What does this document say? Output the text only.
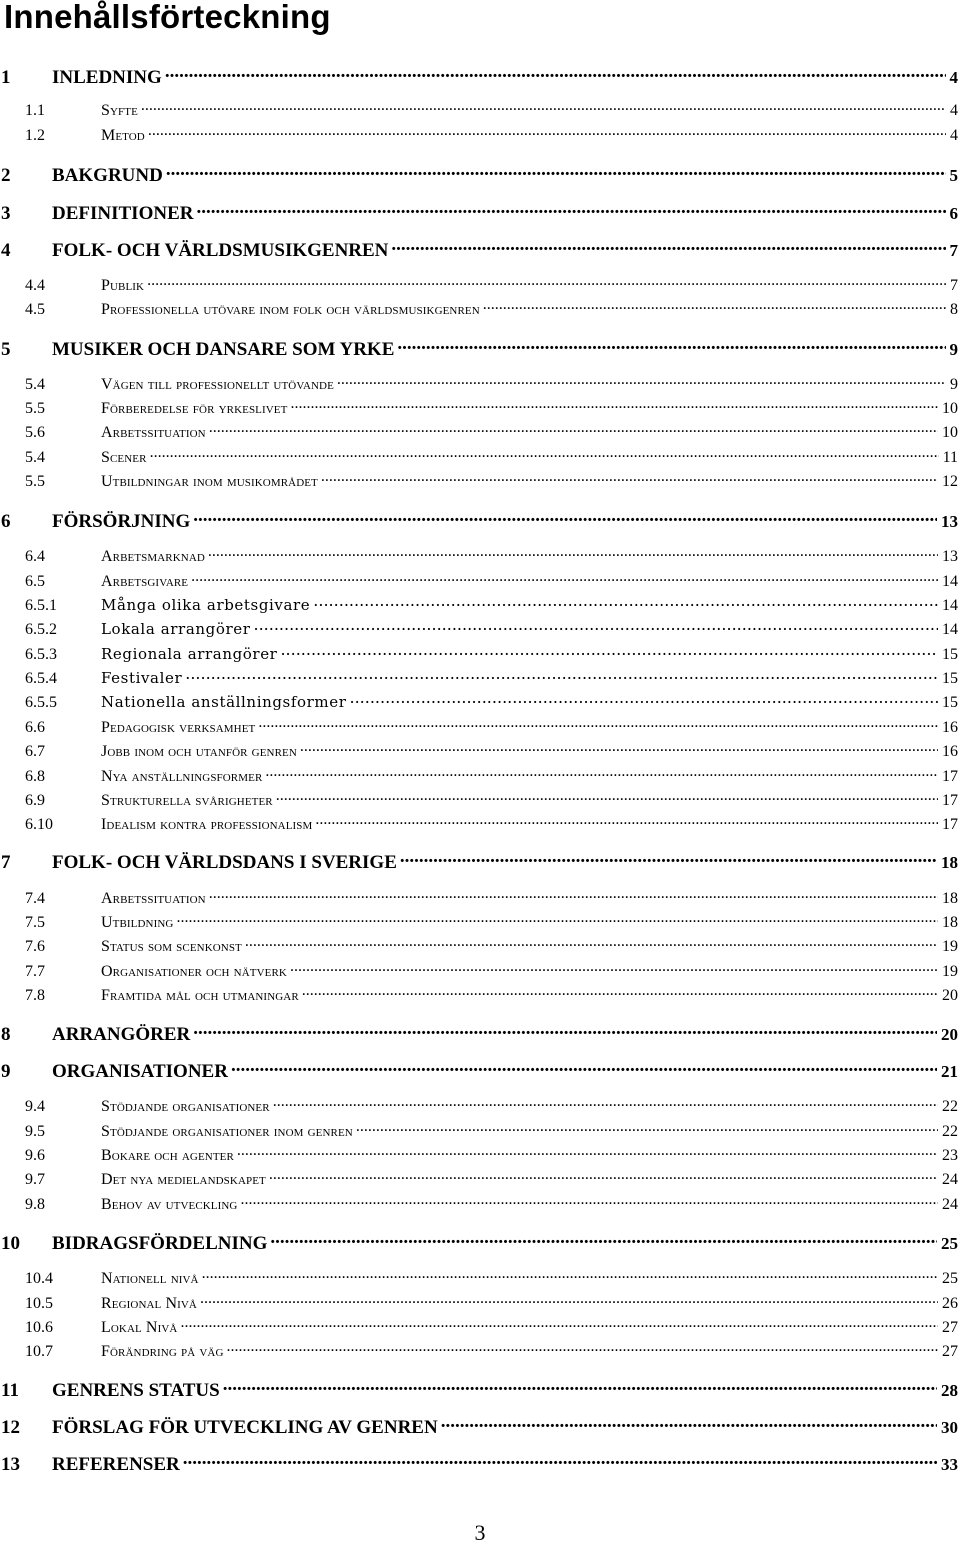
Innehållsförteckning
1	INLEDNING .....	4
1.1	Syfte .....	4
1.2	Metod .....	4
2	BAKGRUND .....	5
3	DEFINITIONER .....	6
4	FOLK- OCH VÄRLDSMUSIKGENREN .....	7
4.4	Publik .....	7
4.5	Professionella utövare inom folk och världsmusikgenren .....	8
5	MUSIKER OCH DANSARE SOM YRKE .....	9
5.4	Vägen till professionellt utövande .....	9
5.5	Förberedelse för yrkeslivet .....	10
5.6	Arbetssituation .....	10
5.4	Scener .....	11
5.5	Utbildningar inom musikområdet .....	12
6	FÖRSÖRJNING .....	13
6.4	Arbetsmarknad .....	13
6.5	Arbetsgivare .....	14
6.5.1	Många olika arbetsgivare .....	14
6.5.2	Lokala arrangörer .....	14
6.5.3	Regionala arrangörer .....	15
6.5.4	Festivaler .....	15
6.5.5	Nationella anställningsformer .....	15
6.6	Pedagogisk verksamhet .....	16
6.7	Jobb inom och utanför genren .....	16
6.8	Nya anställningsformer .....	17
6.9	Strukturella svårigheter .....	17
6.10	Idealism kontra professionalism .....	17
7	FOLK- OCH VÄRLDSDANS I SVERIGE .....	18
7.4	Arbetssituation .....	18
7.5	Utbildning .....	18
7.6	Status som scenkonst .....	19
7.7	Organisationer och nätverk .....	19
7.8	Framtida mål och utmaningar .....	20
8	ARRANGÖRER .....	20
9	ORGANISATIONER .....	21
9.4	Stödjande organisationer .....	22
9.5	Stödjande organisationer inom genren .....	22
9.6	Bokare och agenter .....	23
9.7	Det nya medielandskapet .....	24
9.8	Behov av utveckling .....	24
10	BIDRAGSFÖRDELNING .....	25
10.4	Nationell nivå .....	25
10.5	Regional Nivå .....	26
10.6	Lokal Nivå .....	27
10.7	Förändring på väg .....	27
11	GENRENS STATUS .....	28
12	FÖRSLAG FÖR UTVECKLING AV GENREN .....	30
13	REFERENSER .....	33
3
